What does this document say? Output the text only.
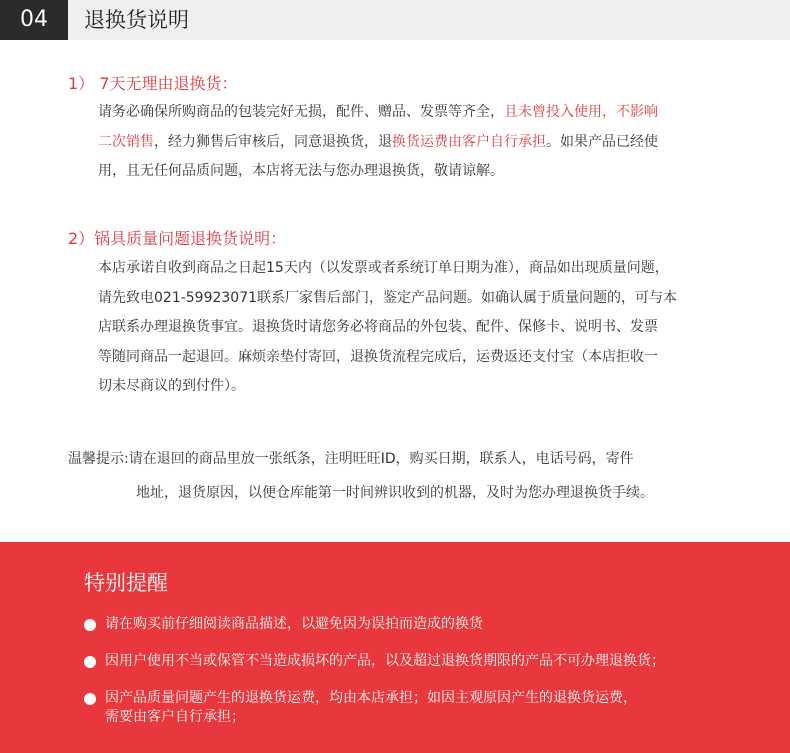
04	退换货说明
1） 7天无理由退换货：
请务必确保所购商品的包装完好无损，配件、赠品、发票等齐全，且未曾投入使用，不影响
二次销售，经力狮售后审核后，同意退换货，退换货运费由客户自行承担。如果产品已经使
用，且无任何品质问题，本店将无法与您办理退换货，敬请谅解。
2）锅具质量问题退换货说明：
本店承诺自收到商品之日起15天内（以发票或者系统订单日期为准），商品如出现质量问题，
请先致电021-59923071联系厂家售后部门，鉴定产品问题。如确认属于质量问题的，可与本
店联系办理退换货事宜。退换货时请您务必将商品的外包装、配件、保修卡、说明书、发票
等随同商品一起退回。麻烦亲垫付寄回，退换货流程完成后，运费返还支付宝（本店拒收一
切未尽商议的到付件）。
温馨提示:请在退回的商品里放一张纸条，注明旺旺ID，购买日期，联系人，电话号码，寄件
地址，退货原因，以便仓库能第一时间辨识收到的机器，及时为您办理退换货手续。
特别提醒
请在购买前仔细阅读商品描述，以避免因为误拍而造成的换货
因用户使用不当或保管不当造成损坏的产品，以及超过退换货期限的产品不可办理退换货；
因产品质量问题产生的退换货运费，均由本店承担；如因主观原因产生的退换货运费，
需要由客户自行承担；
